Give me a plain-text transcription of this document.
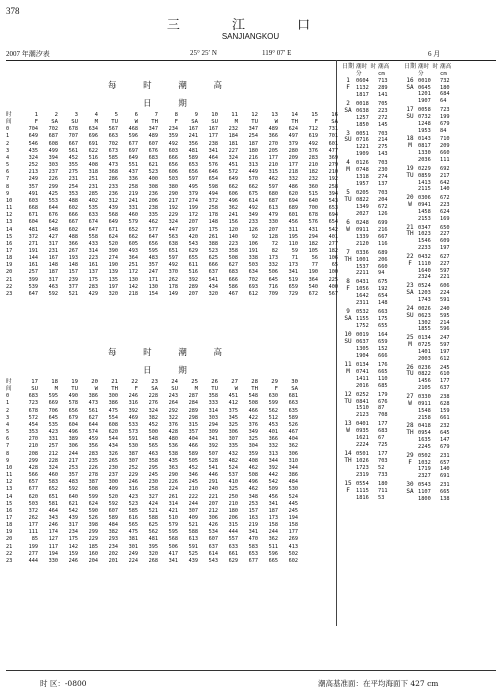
378
三 江 口
SANJIANGKOU
2007 年潮汐表	25° 25′ N	119° 07′ E	6 月
每 时 潮 高
日 期
时	1	2	3	4	5	6	7	8	9	10	11	12	13	14	15	16
间	F	SA	SU	M	TU	W	TH	F	SA	SU	M	TU	W	TH	F	SA

0	704	702	678	634	567	468	347	234	167	167	232	347	489	624	712	731
1	649	687	707	696	663	596	489	359	241	177	184	254	366	497	619	701
2	546	608	667	691	702	677	607	492	356	238	181	187	270	379	492	601
3	435	499	561	622	673	697	676	603	481	341	227	180	205	280	376	477

4	324	394	452	516	585	649	683	666	589	464	324	216	177	209	283	369
5	252	303	355	408	473	551	621	656	653	576	451	313	210	177	210	279
6	213	237	275	318	368	437	523	606	656	646	572	449	315	218	182	210
7	249	226	231	251	286	336	400	503	597	654	649	570	462	332	232	192

8	357	299	254	231	233	258	308	380	495	598	662	662	597	486	360	258
9	491	425	353	285	236	219	236	290	379	494	606	675	680	620	515	394
10	603	553	488	402	312	241	206	217	274	372	496	614	687	694	640	543
11	668	644	602	535	439	331	238	192	199	258	362	492	613	689	700	653

12	671	676	666	633	568	460	335	229	172	178	241	349	479	601	678	694
13	604	642	667	674	649	579	462	324	207	148	156	233	330	456	576	654
14	481	548	602	647	671	652	577	447	297	175	120	126	207	311	431	542
15	372	427	488	558	624	662	647	563	420	261	140	92	128	195	294	401

16	271	317	366	433	520	605	656	638	543	388	223	106	72	110	182	277
17	191	231	267	314	390	493	595	651	629	523	358	191	82	59	105	182
18	144	167	193	223	274	364	483	597	655	625	508	338	173	71	56	106
19	161	148	148	161	190	251	357	492	611	666	627	503	332	173	77	65

20	257	187	157	137	139	172	247	370	516	637	683	634	506	341	190	100
21	399	317	239	175	135	130	171	262	392	541	666	702	645	519	364	225
22	539	463	377	283	197	142	130	178	289	434	586	693	716	659	540	400
23	647	592	521	429	320	218	154	149	207	320	467	612	709	729	672	567
每 时 潮 高
日 期
时	17	18	19	20	21	22	23	24	25	26	27	28	29	30
间	SU	M	TU	W	TH	F	SA	SU	M	TU	W	TH	F	SA

0	683	595	490	386	300	246	228	243	287	358	451	548	630	681
1	723	669	578	473	386	316	276	264	284	333	412	508	599	663
2	678	706	656	561	475	392	324	292	289	314	375	466	562	635
3	572	645	679	627	554	469	382	322	298	303	345	422	512	589

4	454	535	604	644	608	533	452	376	315	294	325	376	453	526
5	353	423	496	574	620	573	500	428	357	309	306	349	401	467
6	270	331	389	459	544	591	548	480	404	341	307	325	366	404
7	210	257	306	356	434	530	565	536	466	392	335	304	332	362

8	208	212	244	283	326	387	463	538	589	507	432	359	313	306
9	299	228	217	235	265	307	358	435	505	528	482	408	344	310
10	428	324	253	226	230	252	295	363	452	541	524	462	392	344
11	566	460	357	278	237	229	245	290	346	446	537	508	442	386

12	657	583	483	387	300	246	230	226	245	291	410	496	542	484
13	677	652	592	508	409	316	258	224	210	240	325	462	509	530
14	620	651	640	599	520	423	327	261	222	221	250	348	456	524
15	503	581	621	624	592	523	424	314	244	207	210	253	341	445

16	372	464	542	590	607	585	521	421	307	212	180	157	187	245
17	262	343	439	526	589	616	588	510	409	306	206	163	173	194
18	177	246	317	398	484	565	625	579	521	426	315	219	158	158
19	111	174	234	299	382	475	562	595	588	534	444	341	244	177

20	85	127	175	229	293	381	481	568	613	607	557	470	362	269
21	199	117	142	185	234	301	395	506	591	637	633	583	511	413
22	277	194	159	160	202	249	320	417	525	614	661	653	596	502
23	444	330	246	204	201	224	268	341	439	543	629	677	665	602
日期	潮时 时分	潮高 cm
1	0604	713
F	1132	289
	1817	141
2	0018	705
SA	0638	223
	1257	272
	1850	145
3	0051	703
SU	0716	214
	1221	275
	1909	143
4	0126	703
M	0748	230
	1318	274
	1957	137
5	0205	703
TU	0822	204
	1349	672
	2027	126
6	0248	699
W	0911	216
	1339	667
	2120	116
7	0336	689
TH	1001	206
	1537	660
	2211	94
8	0431	675
F	1056	192
	1642	654
	2311	148
9	0532	663
SA	1155	175
	1752	655
10	0019	164
SU	0637	659
	1305	152
	1904	666
11	0134	176
M	0741	665
	1411	110
	2016	685
12	0252	179
TU	0841	676
	1510	87
	2123	708
13	0401	177
W	0935	683
	1621	67
	2224	725
14	0501	177
TH	1026	703
	1723	52
	2319	733
15	0554	180
F	1115	711
	1816	53
日期	潮时 时分	潮高 cm
16	0010	732
SA	0645	180
	1201	684
	1907	64
17	0058	723
SU	0732	199
	1248	679
	1953	84
18	0143	710
M	0817	209
	1330	660
	2036	111
19	0229	692
TU	0859	217
	1413	642
	2115	140
20	0306	672
W	0941	223
	1458	624
	2153	169
21	0347	650
TH	1023	227
	1546	609
	2233	197
22	0432	627
F	1110	227
	1640	597
	2324	221
23	0524	606
SA	1203	224
	1743	591
24	0026	240
SU	0623	595
	1302	214
	1855	596
25	0134	247
M	0725	597
	1401	197
	2003	612
26	0236	245
TU	0822	610
	1456	177
	2105	637
27	0330	238
W	0911	628
	1548	159
	2158	661
28	0418	232
TH	0954	645
	1635	147
	2245	679
29	0502	231
F	1032	657
	1719	140
	2327	691
30	0543	231
SA	1107	665
	1800	138
时 区：-0800	潮高基准面：在平均海面下 427 cm
